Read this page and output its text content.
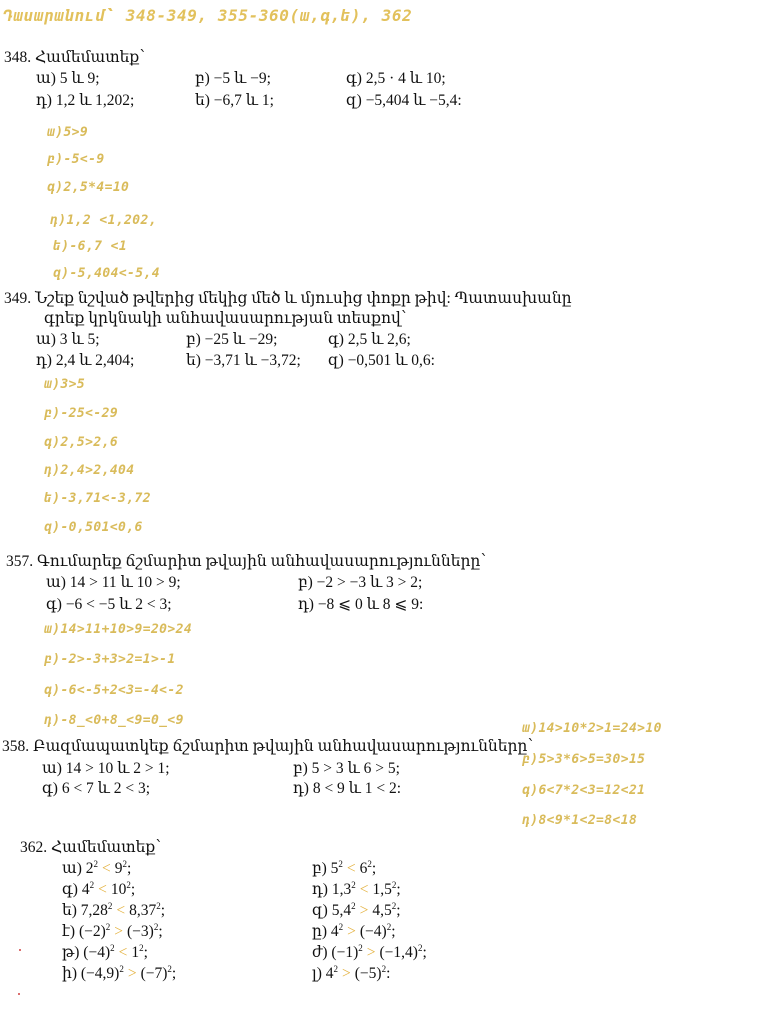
Դասարանում՝ 348-349, 355-360(ա,գ,ե), 362
348. Համեմատեք՝
ա) 5 և 9;	բ) −5 և −9;	գ) 2,5 · 4 և 10;
դ) 1,2 և 1,202;	ե) −6,7 և 1;	զ) −5,404 և −5,4:
ա)5>9
բ)-5<-9
գ)2,5*4=10
դ)1,2 <1,202,
ե)-6,7 <1
զ)-5,404<-5,4
349. Նշեք նշված թվերից մեկից մեծ և մյուսից փոքր թիվ: Պատասխանը
գրեք կրկնակի անհավասարության տեսքով՝
ա) 3 և 5;	բ) −25 և −29;	գ) 2,5 և 2,6;
դ) 2,4 և 2,404;	ե) −3,71 և −3,72; զ) −0,501 և 0,6:
ա)3>5
բ)-25<-29
գ)2,5>2,6
դ)2,4>2,404
ե)-3,71<-3,72
զ)-0,501<0,6
357. Գումարեք ճշմարիտ թվային անհավասարությունները՝
ա) 14 > 11 և 10 > 9;	բ) −2 > −3 և 3 > 2;
գ) −6 < −5 և 2 < 3;	դ) −8 ⩽ 0 և 8 ⩽ 9:
ա)14>11+10>9=20>24
բ)-2>-3+3>2=1>-1
գ)-6<-5+2<3=-4<-2
դ)-8_<0+8_<9=0_<9
358. Բազմապատկեք ճշմարիտ թվային անհավասարությունները՝
ա) 14 > 10 և 2 > 1;	բ) 5 > 3 և 6 > 5;
գ) 6 < 7 և 2 < 3;	դ) 8 < 9 և 1 < 2:
ա)14>10*2>1=24>10
բ)5>3*6>5=30>15
գ)6<7*2<3=12<21
դ)8<9*1<2=8<18
362. Համեմատեք՝
ա) $2^2 < 9^2$;	բ) $5^2 < 6^2$;
գ) $4^2 < 10^2$;	դ) $1,3^2 < 1,5^2$;
ե) $7,28^2 < 8,37^2$;	զ) $5,4^2 > 4,5^2$;
է) $(-2)^2 > (-3)^2$;	ը) $4^2 > (-4)^2$;
թ) $(-4)^2 < 1^2$;	ժ) $(-1)^2 > (-1,4)^2$;
ի) $(-4,9)^2 > (-7)^2$;	լ) $4^2 > (-5)^2$:
